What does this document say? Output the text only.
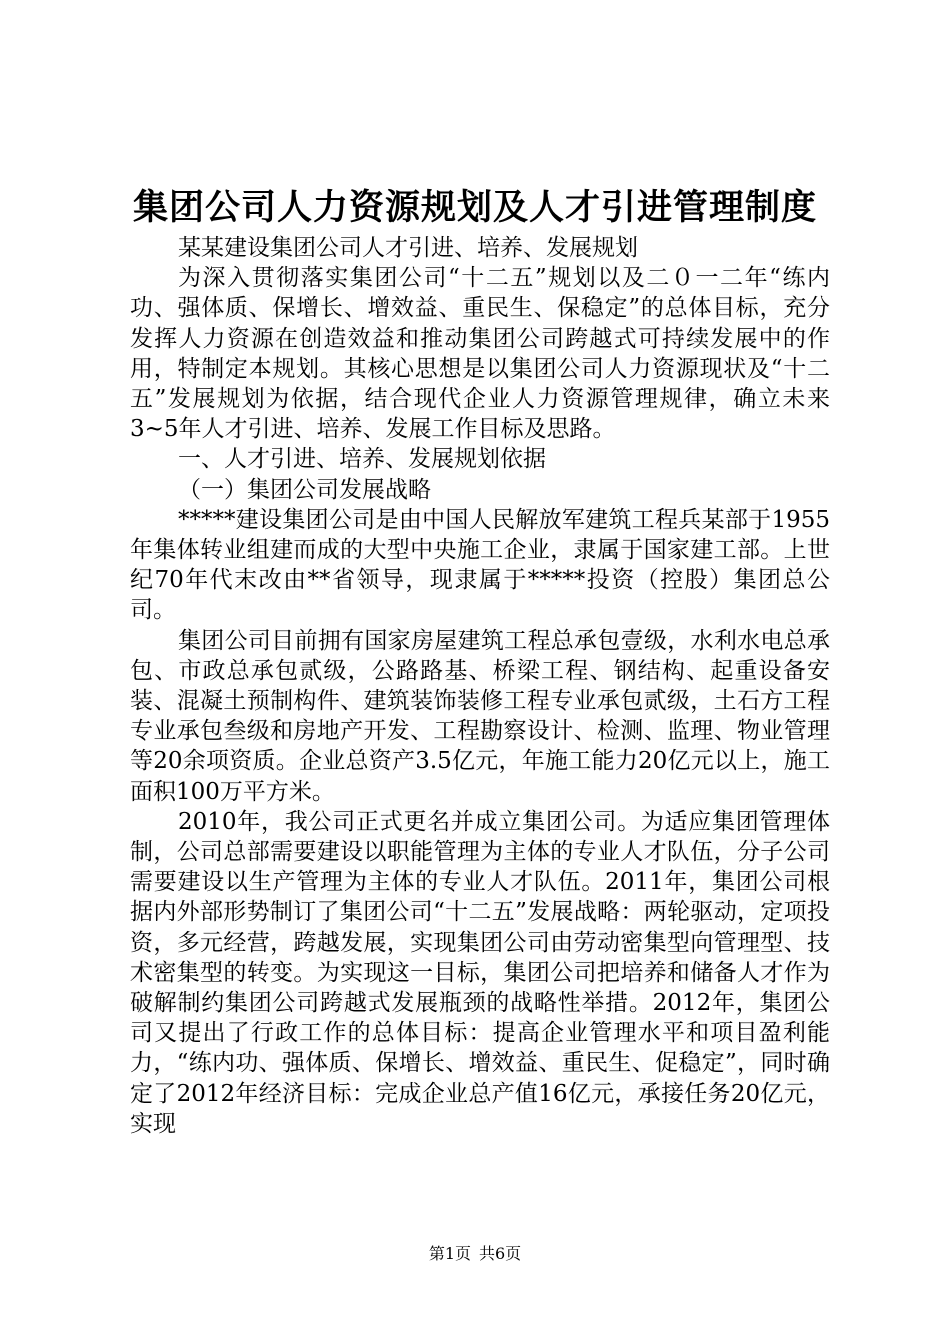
集团公司人力资源规划及人才引进管理制度

某某建设集团公司人才引进、培养、发展规划

为深入贯彻落实集团公司“十二五”规划以及二０一二年“练内功、强体质、保增长、增效益、重民生、保稳定”的总体目标，充分发挥人力资源在创造效益和推动集团公司跨越式可持续发展中的作用，特制定本规划。其核心思想是以集团公司人力资源现状及“十二五”发展规划为依据，结合现代企业人力资源管理规律，确立未来3~5年人才引进、培养、发展工作目标及思路。

一、人才引进、培养、发展规划依据

（一）集团公司发展战略

*****建设集团公司是由中国人民解放军建筑工程兵某部于1955年集体转业组建而成的大型中央施工企业，隶属于国家建工部。上世纪70年代末改由**省领导，现隶属于*****投资（控股）集团总公司。

集团公司目前拥有国家房屋建筑工程总承包壹级，水利水电总承包、市政总承包贰级，公路路基、桥梁工程、钢结构、起重设备安装、混凝土预制构件、建筑装饰装修工程专业承包贰级，土石方工程专业承包叁级和房地产开发、工程勘察设计、检测、监理、物业管理等20余项资质。企业总资产3.5亿元，年施工能力20亿元以上，施工面积100万平方米。

2010年，我公司正式更名并成立集团公司。为适应集团管理体制，公司总部需要建设以职能管理为主体的专业人才队伍，分子公司需要建设以生产管理为主体的专业人才队伍。2011年，集团公司根据内外部形势制订了集团公司“十二五”发展战略：两轮驱动，定项投资，多元经营，跨越发展，实现集团公司由劳动密集型向管理型、技术密集型的转变。为实现这一目标，集团公司把培养和储备人才作为破解制约集团公司跨越式发展瓶颈的战略性举措。2012年，集团公司又提出了行政工作的总体目标：提高企业管理水平和项目盈利能力，“练内功、强体质、保增长、增效益、重民生、促稳定”，同时确定了2012年经济目标：完成企业总产值16亿元，承接任务20亿元，实现

第1页 共6页
